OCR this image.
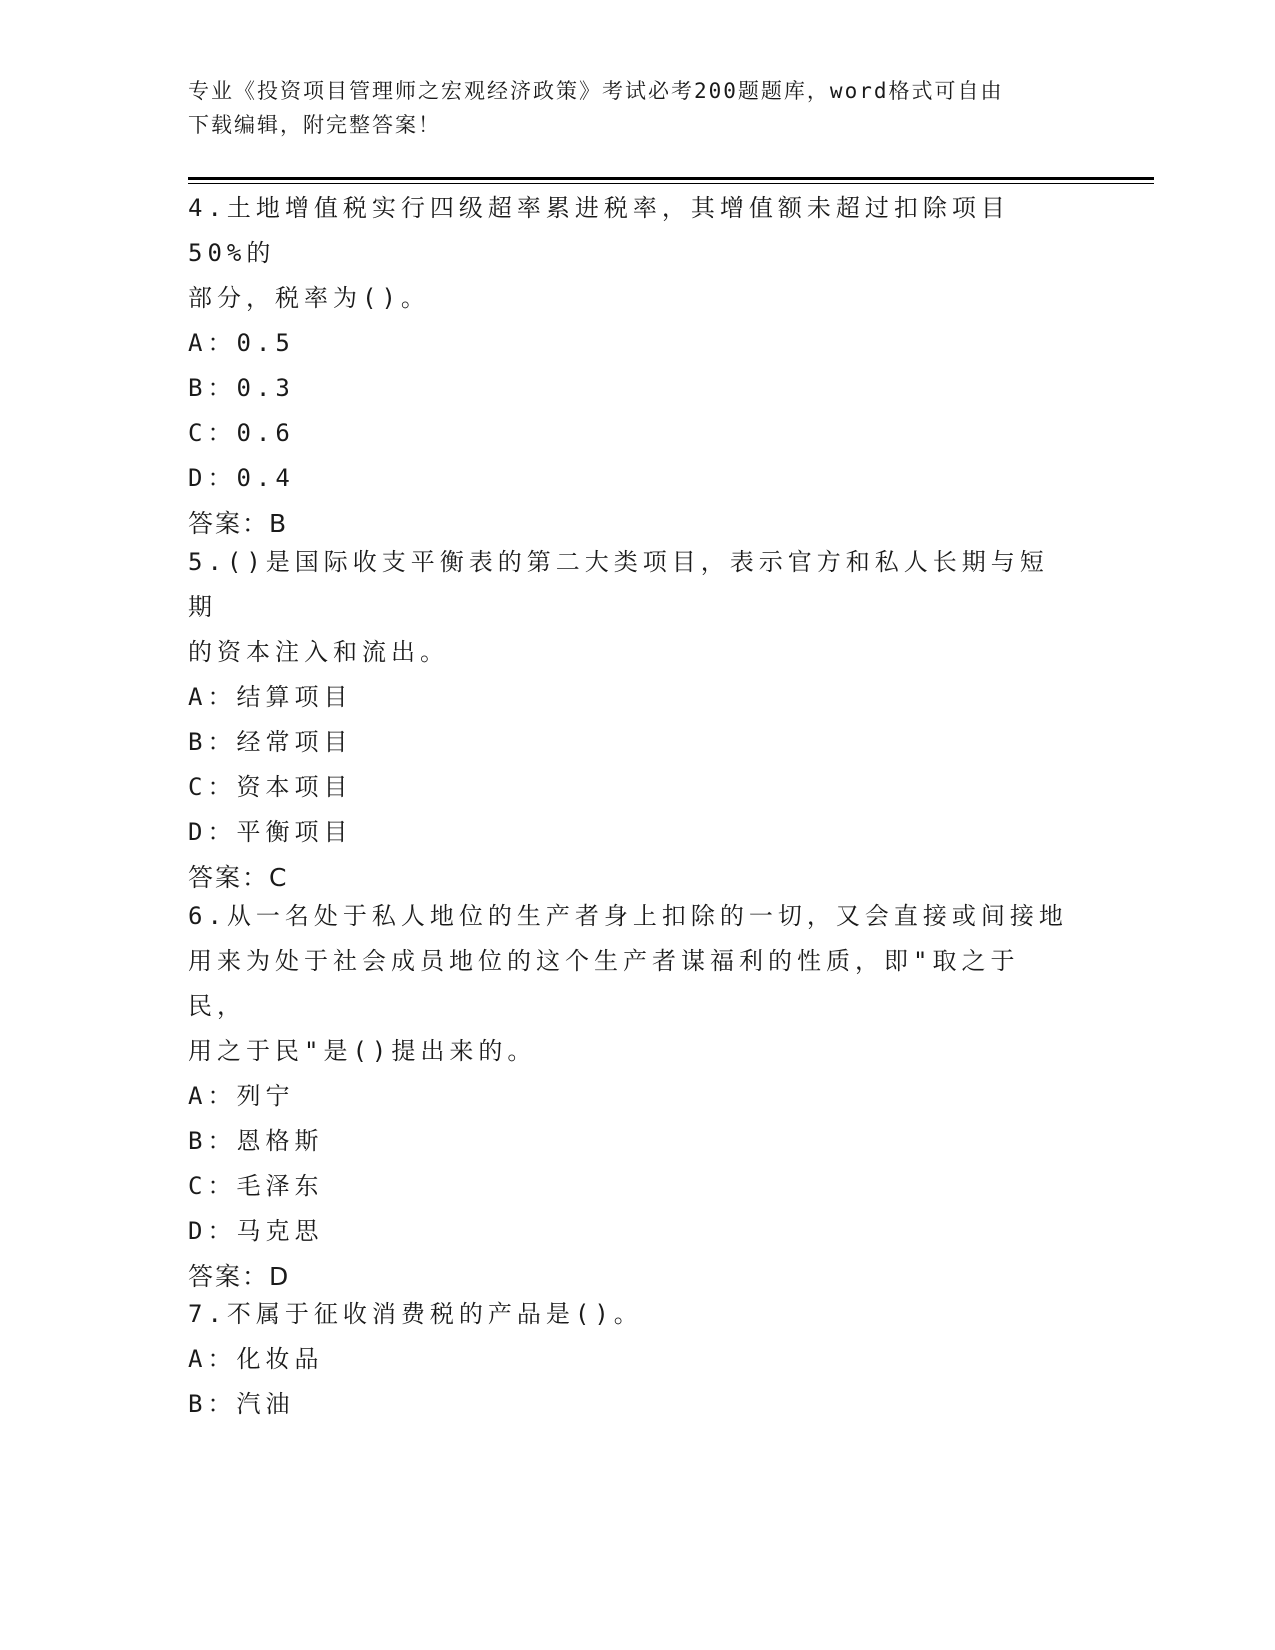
专业《投资项目管理师之宏观经济政策》考试必考200题题库，word格式可自由
下载编辑，附完整答案！
4.土地增值税实行四级超率累进税率，其增值额未超过扣除项目50%的
部分，税率为()。
A： 0.5
B： 0.3
C： 0.6
D： 0.4
答案：B
5.()是国际收支平衡表的第二大类项目，表示官方和私人长期与短期
的资本注入和流出。
A： 结算项目
B： 经常项目
C： 资本项目
D： 平衡项目
答案：C
6.从一名处于私人地位的生产者身上扣除的一切，又会直接或间接地
用来为处于社会成员地位的这个生产者谋福利的性质，即"取之于民，
用之于民"是()提出来的。
A： 列宁
B： 恩格斯
C： 毛泽东
D： 马克思
答案：D
7.不属于征收消费税的产品是()。
A： 化妆品
B： 汽油
